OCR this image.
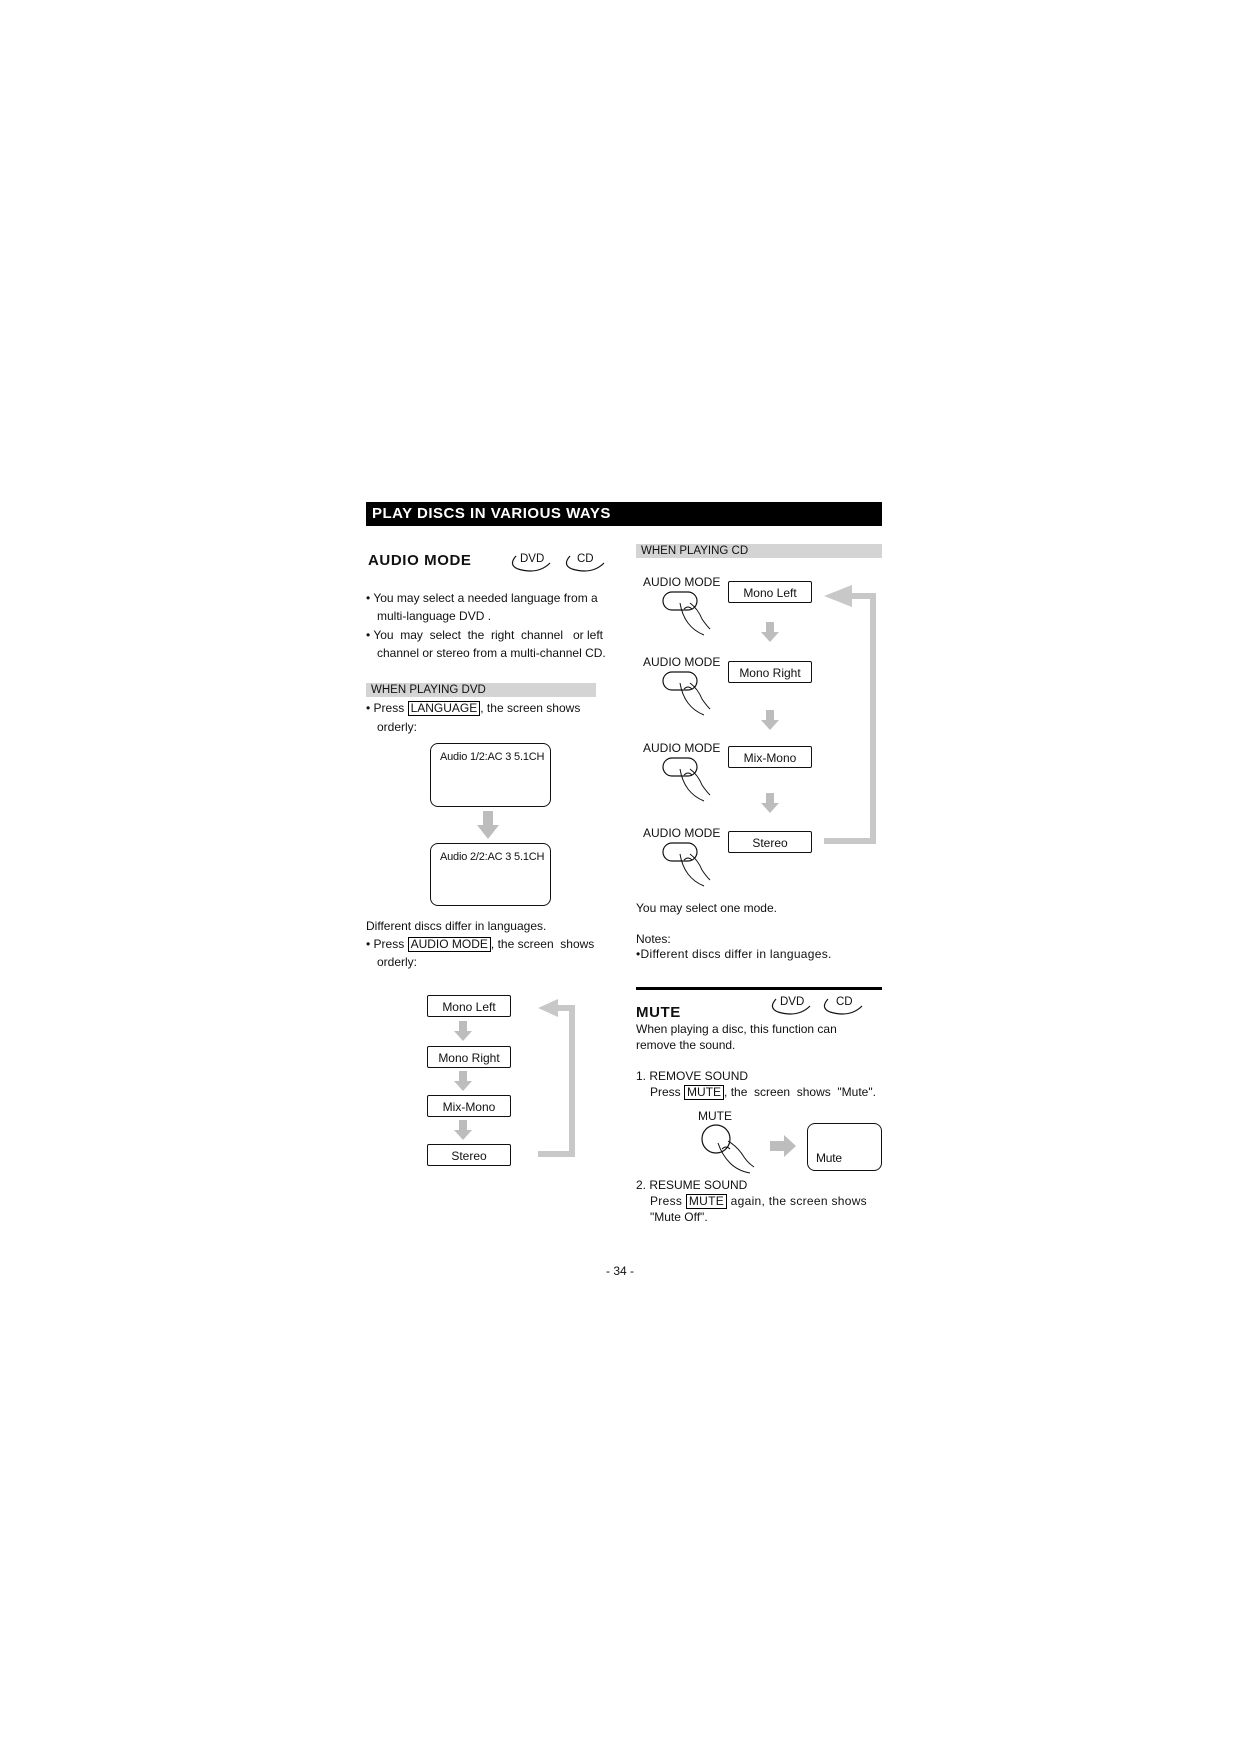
PLAY DISCS IN VARIOUS WAYS
AUDIO MODE	DVD	CD
• You may select a needed language from a
multi-language DVD .
• You  may  select  the  right  channel   or left
channel or stereo from a multi-channel CD.
WHEN PLAYING DVD
• Press LANGUAGE , the screen shows
orderly:
Audio 1/2:AC 3 5.1CH
Audio 2/2:AC 3 5.1CH
Different discs differ in languages.
• Press AUDIO MODE , the screen  shows
orderly:
Mono Left
Mono Right
Mix-Mono
Stereo
WHEN PLAYING CD
AUDIO MODE
Mono Left
AUDIO MODE
Mono Right
AUDIO MODE
Mix-Mono
AUDIO MODE
Stereo
You may select one mode.
Notes:
•Different discs differ in languages.
MUTE
DVD	CD
When playing a disc, this function can
remove the sound.
1. REMOVE SOUND
Press MUTE , the  screen  shows  "Mute".
MUTE
Mute
2. RESUME SOUND
Press MUTE again, the screen shows
"Mute Off".
- 34 -
